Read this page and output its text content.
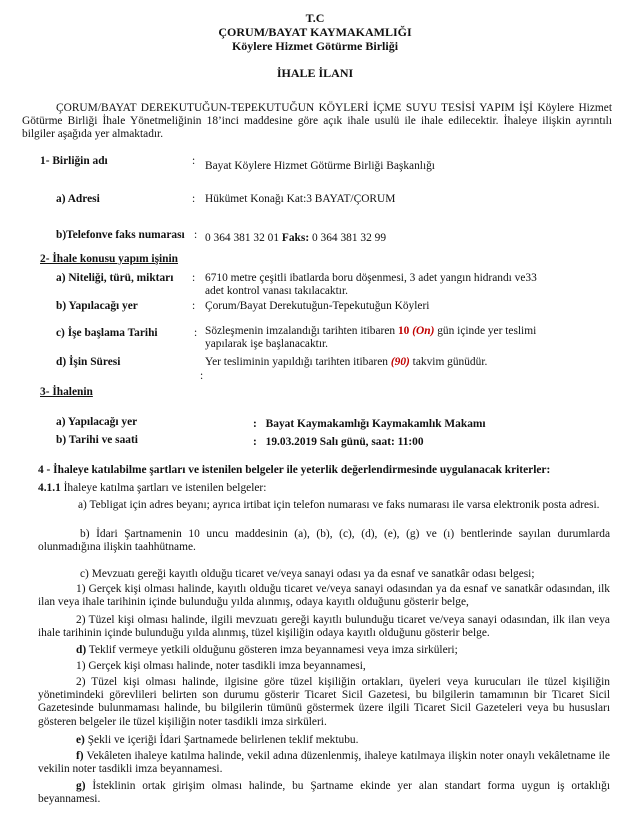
T.C
ÇORUM/BAYAT KAYMAKAMLIĞI
Köylere Hizmet Götürme Birliği
İHALE İLANI
ÇORUM/BAYAT DEREKUTUĞUN-TEPEKUTUĞUN KÖYLERİ İÇME SUYU TESİSİ YAPIM İŞİ Köylere Hizmet Götürme Birliği İhale Yönetmeliğinin 18’inci maddesine göre açık ihale usulü ile ihale edilecektir. İhaleye ilişkin ayrıntılı bilgiler aşağıda yer almaktadır.
1- Birliğin adı	: Bayat Köylere Hizmet Götürme Birliği Başkanlığı
a) Adresi	: Hükümet Konağı Kat:3 BAYAT/ÇORUM
b)Telefonve faks numarası : 0 364 381 32 01 Faks: 0 364 381 32 99
2- İhale konusu yapım işinin
a) Niteliği, türü, miktarı : 6710 metre çeşitli ibatlarda boru döşenmesi, 3 adet yangın hidrandı ve33
adet kontrol vanası takılacaktır.
b) Yapılacağı yer	: Çorum/Bayat Derekutuğun-Tepekutuğun Köyleri
c) İşe başlama Tarihi	: Sözleşmenin imzalandığı tarihten itibaren 10 (On) gün içinde yer teslimi
yapılarak işe başlanacaktır.
d) İşin Süresi	Yer tesliminin yapıldığı tarihten itibaren (90) takvim günüdür.
:
3- İhalenin
a) Yapılacağı yer	: Bayat Kaymakamlığı Kaymakamlık Makamı
b) Tarihi ve saati	: 19.03.2019 Salı günü, saat: 11:00
4 - İhaleye katılabilme şartları ve istenilen belgeler ile yeterlik değerlendirmesinde uygulanacak kriterler:
4.1.1 İhaleye katılma şartları ve istenilen belgeler:
a) Tebligat için adres beyanı; ayrıca irtibat için telefon numarası ve faks numarası ile varsa elektronik posta adresi.
b) İdari Şartnamenin 10 uncu maddesinin (a), (b), (c), (d), (e), (g) ve (ı) bentlerinde sayılan durumlarda olunmadığına ilişkin taahhütname.
c) Mevzuatı gereği kayıtlı olduğu ticaret ve/veya sanayi odası ya da esnaf ve sanatkâr odası belgesi;
1) Gerçek kişi olması halinde, kayıtlı olduğu ticaret ve/veya sanayi odasından ya da esnaf ve sanatkâr odasından, ilk ilan veya ihale tarihinin içinde bulunduğu yılda alınmış, odaya kayıtlı olduğunu gösterir belge,
2) Tüzel kişi olması halinde, ilgili mevzuatı gereği kayıtlı bulunduğu ticaret ve/veya sanayi odasından, ilk ilan veya ihale tarihinin içinde bulunduğu yılda alınmış, tüzel kişiliğin odaya kayıtlı olduğunu gösterir belge.
d) Teklif vermeye yetkili olduğunu gösteren imza beyannamesi veya imza sirküleri;
1) Gerçek kişi olması halinde, noter tasdikli imza beyannamesi,
2) Tüzel kişi olması halinde, ilgisine göre tüzel kişiliğin ortakları, üyeleri veya kurucuları ile tüzel kişiliğin yönetimindeki görevlileri belirten son durumu gösterir Ticaret Sicil Gazetesi, bu bilgilerin tamamının bir Ticaret Sicil Gazetesinde bulunmaması halinde, bu bilgilerin tümünü göstermek üzere ilgili Ticaret Sicil Gazeteleri veya bu hususları gösteren belgeler ile tüzel kişiliğin noter tasdikli imza sirküleri.
e) Şekli ve içeriği İdari Şartnamede belirlenen teklif mektubu.
f) Vekâleten ihaleye katılma halinde, vekil adına düzenlenmiş, ihaleye katılmaya ilişkin noter onaylı vekâletname ile vekilin noter tasdikli imza beyannamesi.
g) İsteklinin ortak girişim olması halinde, bu Şartname ekinde yer alan standart forma uygun iş ortaklığı beyannamesi.
